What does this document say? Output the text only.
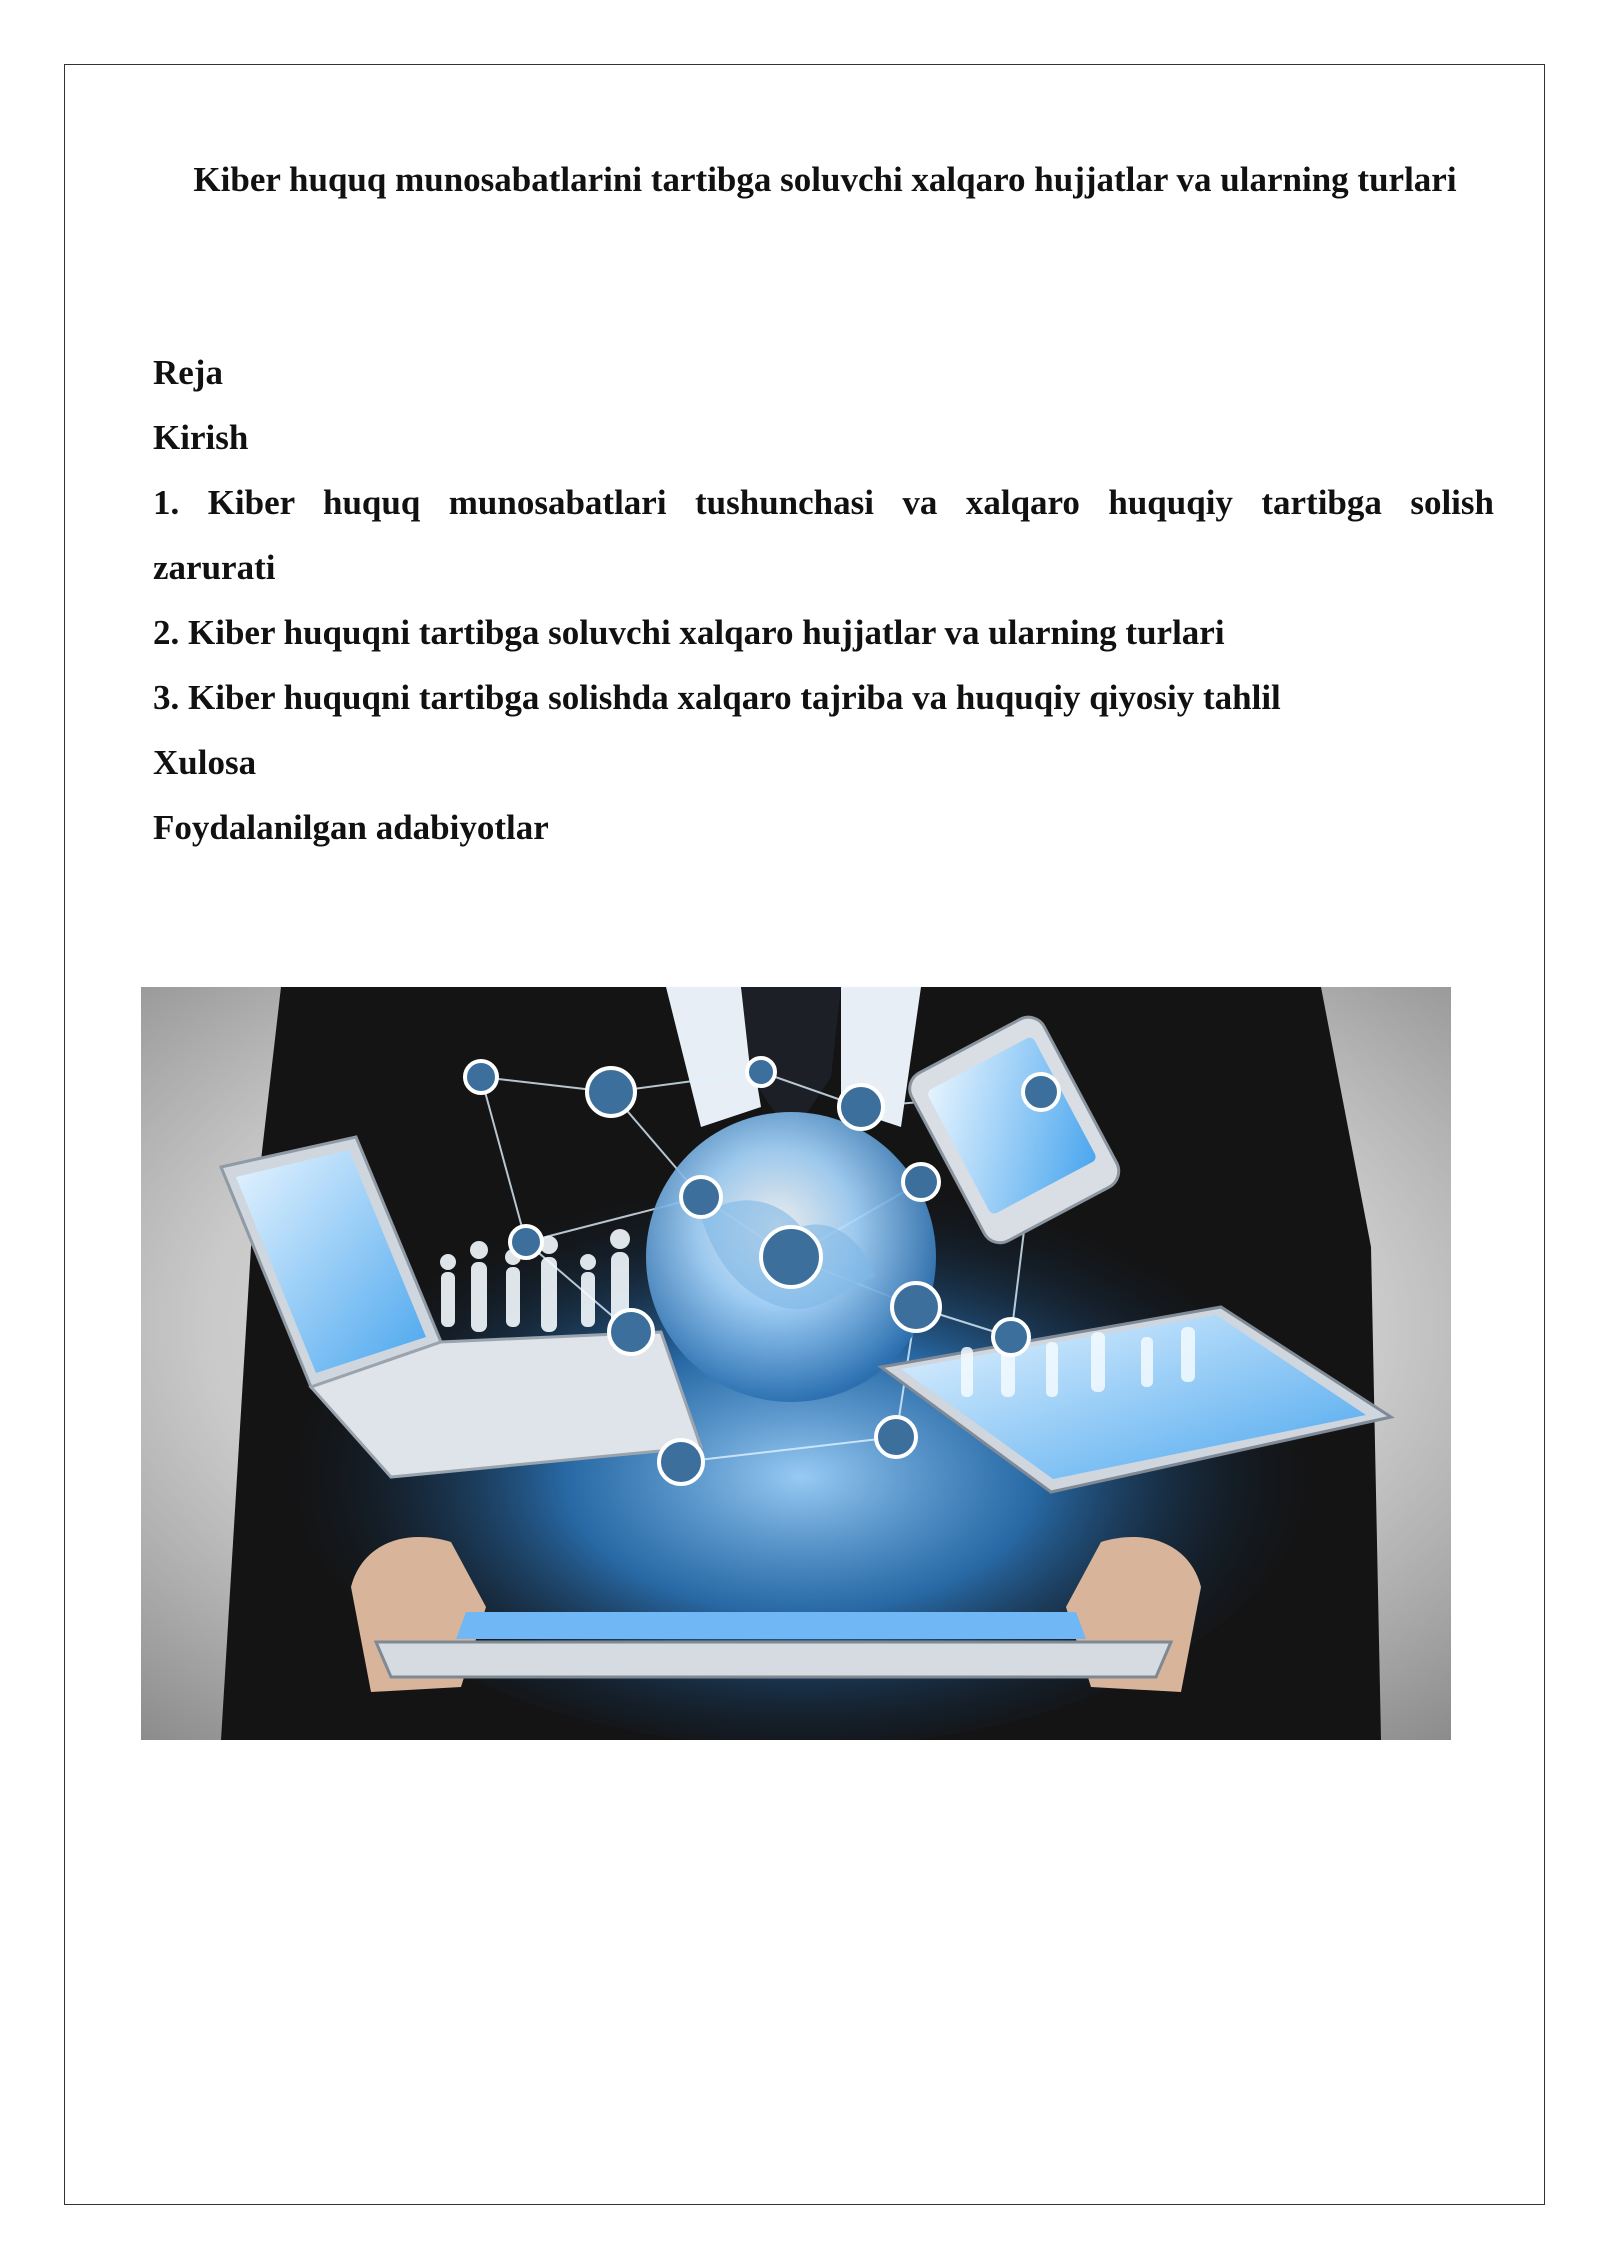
Kiber huquq munosabatlarini tartibga soluvchi xalqaro hujjatlar va ularning turlari
Reja
Kirish
1. Kiber huquq munosabatlari tushunchasi va xalqaro huquqiy tartibga solish
zarurati
2. Kiber huquqni tartibga soluvchi xalqaro hujjatlar va ularning turlari
3. Kiber huquqni tartibga solishda xalqaro tajriba va huquqiy qiyosiy tahlil
Xulosa
Foydalanilgan adabiyotlar
